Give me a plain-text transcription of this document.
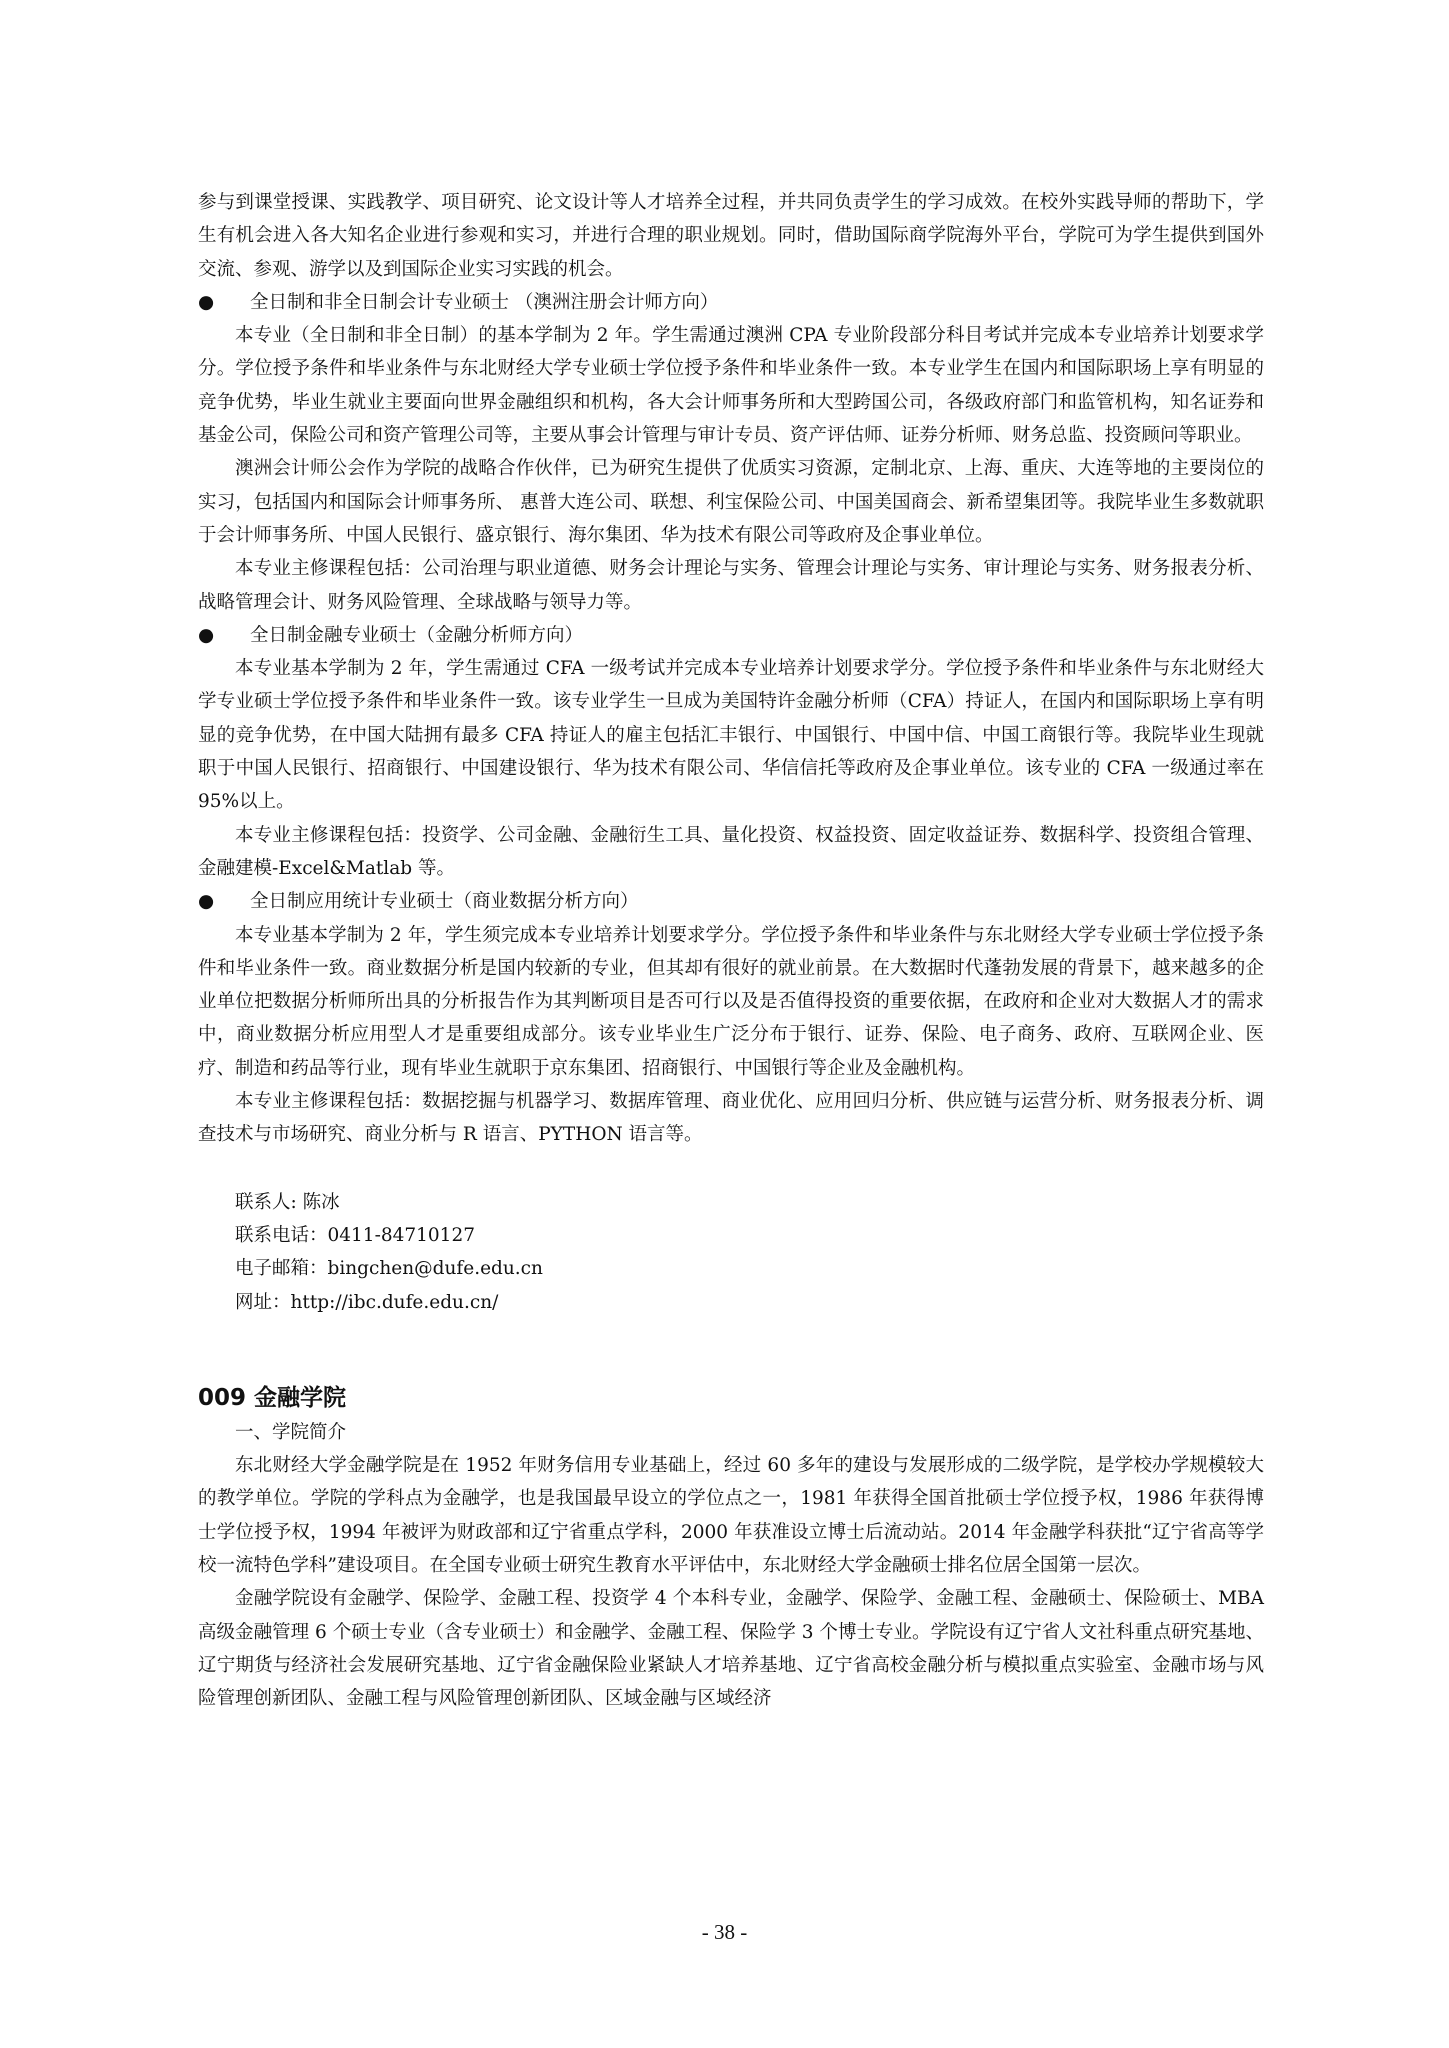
参与到课堂授课、实践教学、项目研究、论文设计等人才培养全过程，并共同负责学生的学习成效。在校外实践导师的帮助下，学生有机会进入各大知名企业进行参观和实习，并进行合理的职业规划。同时，借助国际商学院海外平台，学院可为学生提供到国外交流、参观、游学以及到国际企业实习实践的机会。

● 全日制和非全日制会计专业硕士 （澳洲注册会计师方向）

本专业（全日制和非全日制）的基本学制为 2 年。学生需通过澳洲 CPA 专业阶段部分科目考试并完成本专业培养计划要求学分。学位授予条件和毕业条件与东北财经大学专业硕士学位授予条件和毕业条件一致。本专业学生在国内和国际职场上享有明显的竞争优势，毕业生就业主要面向世界金融组织和机构，各大会计师事务所和大型跨国公司，各级政府部门和监管机构，知名证券和基金公司，保险公司和资产管理公司等，主要从事会计管理与审计专员、资产评估师、证券分析师、财务总监、投资顾问等职业。

澳洲会计师公会作为学院的战略合作伙伴，已为研究生提供了优质实习资源，定制北京、上海、重庆、大连等地的主要岗位的实习，包括国内和国际会计师事务所、 惠普大连公司、联想、利宝保险公司、中国美国商会、新希望集团等。我院毕业生多数就职于会计师事务所、中国人民银行、盛京银行、海尔集团、华为技术有限公司等政府及企事业单位。

本专业主修课程包括：公司治理与职业道德、财务会计理论与实务、管理会计理论与实务、审计理论与实务、财务报表分析、战略管理会计、财务风险管理、全球战略与领导力等。

● 全日制金融专业硕士（金融分析师方向）

本专业基本学制为 2 年，学生需通过 CFA 一级考试并完成本专业培养计划要求学分。学位授予条件和毕业条件与东北财经大学专业硕士学位授予条件和毕业条件一致。该专业学生一旦成为美国特许金融分析师（CFA）持证人，在国内和国际职场上享有明显的竞争优势，在中国大陆拥有最多 CFA 持证人的雇主包括汇丰银行、中国银行、中国中信、中国工商银行等。我院毕业生现就职于中国人民银行、招商银行、中国建设银行、华为技术有限公司、华信信托等政府及企事业单位。该专业的 CFA 一级通过率在 95%以上。

本专业主修课程包括：投资学、公司金融、金融衍生工具、量化投资、权益投资、固定收益证券、数据科学、投资组合管理、金融建模-Excel&Matlab 等。

● 全日制应用统计专业硕士（商业数据分析方向）

本专业基本学制为 2 年，学生须完成本专业培养计划要求学分。学位授予条件和毕业条件与东北财经大学专业硕士学位授予条件和毕业条件一致。商业数据分析是国内较新的专业，但其却有很好的就业前景。在大数据时代蓬勃发展的背景下，越来越多的企业单位把数据分析师所出具的分析报告作为其判断项目是否可行以及是否值得投资的重要依据，在政府和企业对大数据人才的需求中，商业数据分析应用型人才是重要组成部分。该专业毕业生广泛分布于银行、证券、保险、电子商务、政府、互联网企业、医疗、制造和药品等行业，现有毕业生就职于京东集团、招商银行、中国银行等企业及金融机构。

本专业主修课程包括：数据挖掘与机器学习、数据库管理、商业优化、应用回归分析、供应链与运营分析、财务报表分析、调查技术与市场研究、商业分析与 R 语言、PYTHON 语言等。

联系人: 陈冰

联系电话：0411-84710127

电子邮箱：bingchen@dufe.edu.cn

网址：http://ibc.dufe.edu.cn/

009 金融学院

一、学院简介

东北财经大学金融学院是在 1952 年财务信用专业基础上，经过 60 多年的建设与发展形成的二级学院，是学校办学规模较大的教学单位。学院的学科点为金融学，也是我国最早设立的学位点之一，1981 年获得全国首批硕士学位授予权，1986 年获得博士学位授予权，1994 年被评为财政部和辽宁省重点学科，2000 年获准设立博士后流动站。2014 年金融学科获批“辽宁省高等学校一流特色学科”建设项目。在全国专业硕士研究生教育水平评估中，东北财经大学金融硕士排名位居全国第一层次。

金融学院设有金融学、保险学、金融工程、投资学 4 个本科专业，金融学、保险学、金融工程、金融硕士、保险硕士、MBA 高级金融管理 6 个硕士专业（含专业硕士）和金融学、金融工程、保险学 3 个博士专业。学院设有辽宁省人文社科重点研究基地、辽宁期货与经济社会发展研究基地、辽宁省金融保险业紧缺人才培养基地、辽宁省高校金融分析与模拟重点实验室、金融市场与风险管理创新团队、金融工程与风险管理创新团队、区域金融与区域经济

- 38 -
